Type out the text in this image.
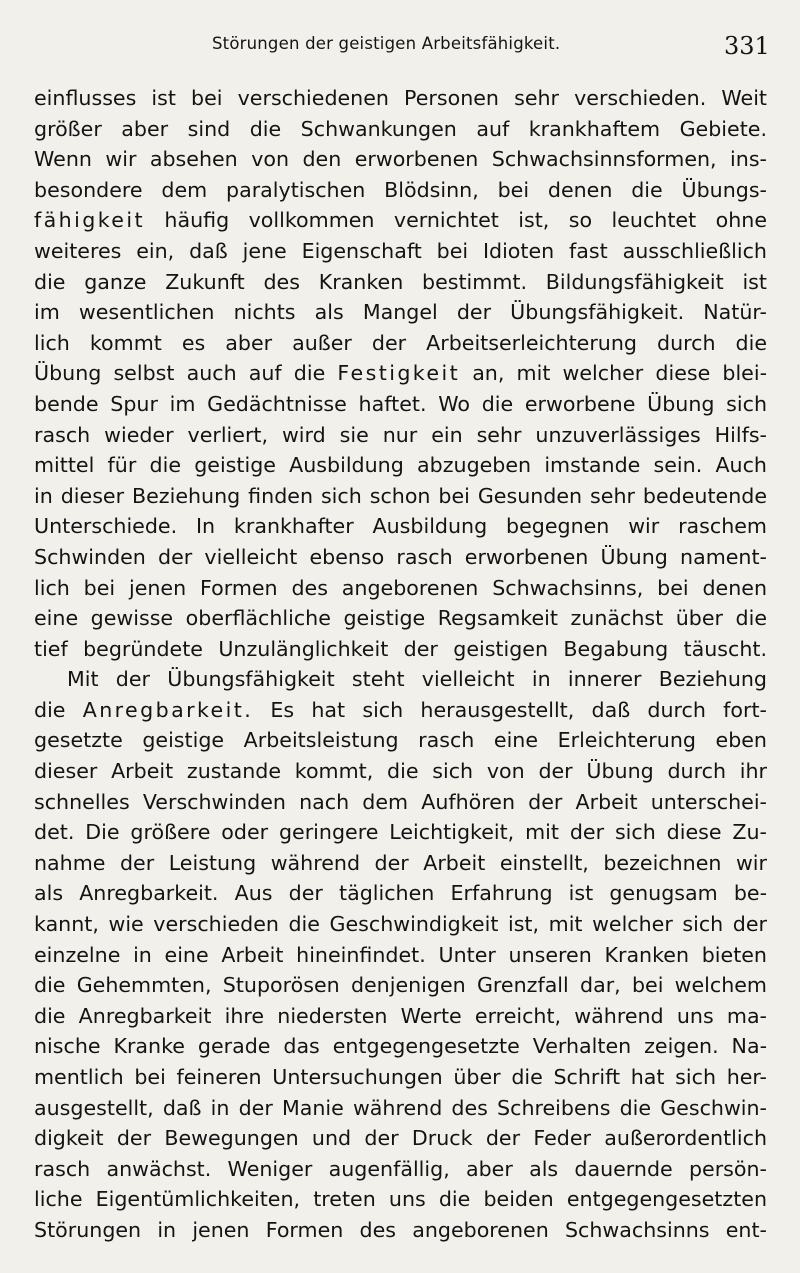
Störungen der geistigen Arbeitsfähigkeit.	331
einflusses ist bei verschiedenen Personen sehr verschieden. Weit
größer aber sind die Schwankungen auf krankhaftem Gebiete.
Wenn wir absehen von den erworbenen Schwachsinnsformen, ins-
besondere dem paralytischen Blödsinn, bei denen die Übungs-
fähigkeit häufig vollkommen vernichtet ist, so leuchtet ohne
weiteres ein, daß jene Eigenschaft bei Idioten fast ausschließlich
die ganze Zukunft des Kranken bestimmt. Bildungsfähigkeit ist
im wesentlichen nichts als Mangel der Übungsfähigkeit. Natür-
lich kommt es aber außer der Arbeitserleichterung durch die
Übung selbst auch auf die Festigkeit an, mit welcher diese blei-
bende Spur im Gedächtnisse haftet. Wo die erworbene Übung sich
rasch wieder verliert, wird sie nur ein sehr unzuverlässiges Hilfs-
mittel für die geistige Ausbildung abzugeben imstande sein. Auch
in dieser Beziehung finden sich schon bei Gesunden sehr bedeutende
Unterschiede. In krankhafter Ausbildung begegnen wir raschem
Schwinden der vielleicht ebenso rasch erworbenen Übung nament-
lich bei jenen Formen des angeborenen Schwachsinns, bei denen
eine gewisse oberflächliche geistige Regsamkeit zunächst über die
tief begründete Unzulänglichkeit der geistigen Begabung täuscht.
Mit der Übungsfähigkeit steht vielleicht in innerer Beziehung
die Anregbarkeit. Es hat sich herausgestellt, daß durch fort-
gesetzte geistige Arbeitsleistung rasch eine Erleichterung eben
dieser Arbeit zustande kommt, die sich von der Übung durch ihr
schnelles Verschwinden nach dem Aufhören der Arbeit unterschei-
det. Die größere oder geringere Leichtigkeit, mit der sich diese Zu-
nahme der Leistung während der Arbeit einstellt, bezeichnen wir
als Anregbarkeit. Aus der täglichen Erfahrung ist genugsam be-
kannt, wie verschieden die Geschwindigkeit ist, mit welcher sich der
einzelne in eine Arbeit hineinfindet. Unter unseren Kranken bieten
die Gehemmten, Stuporösen denjenigen Grenzfall dar, bei welchem
die Anregbarkeit ihre niedersten Werte erreicht, während uns ma-
nische Kranke gerade das entgegengesetzte Verhalten zeigen. Na-
mentlich bei feineren Untersuchungen über die Schrift hat sich her-
ausgestellt, daß in der Manie während des Schreibens die Geschwin-
digkeit der Bewegungen und der Druck der Feder außerordentlich
rasch anwächst. Weniger augenfällig, aber als dauernde persön-
liche Eigentümlichkeiten, treten uns die beiden entgegengesetzten
Störungen in jenen Formen des angeborenen Schwachsinns ent-
